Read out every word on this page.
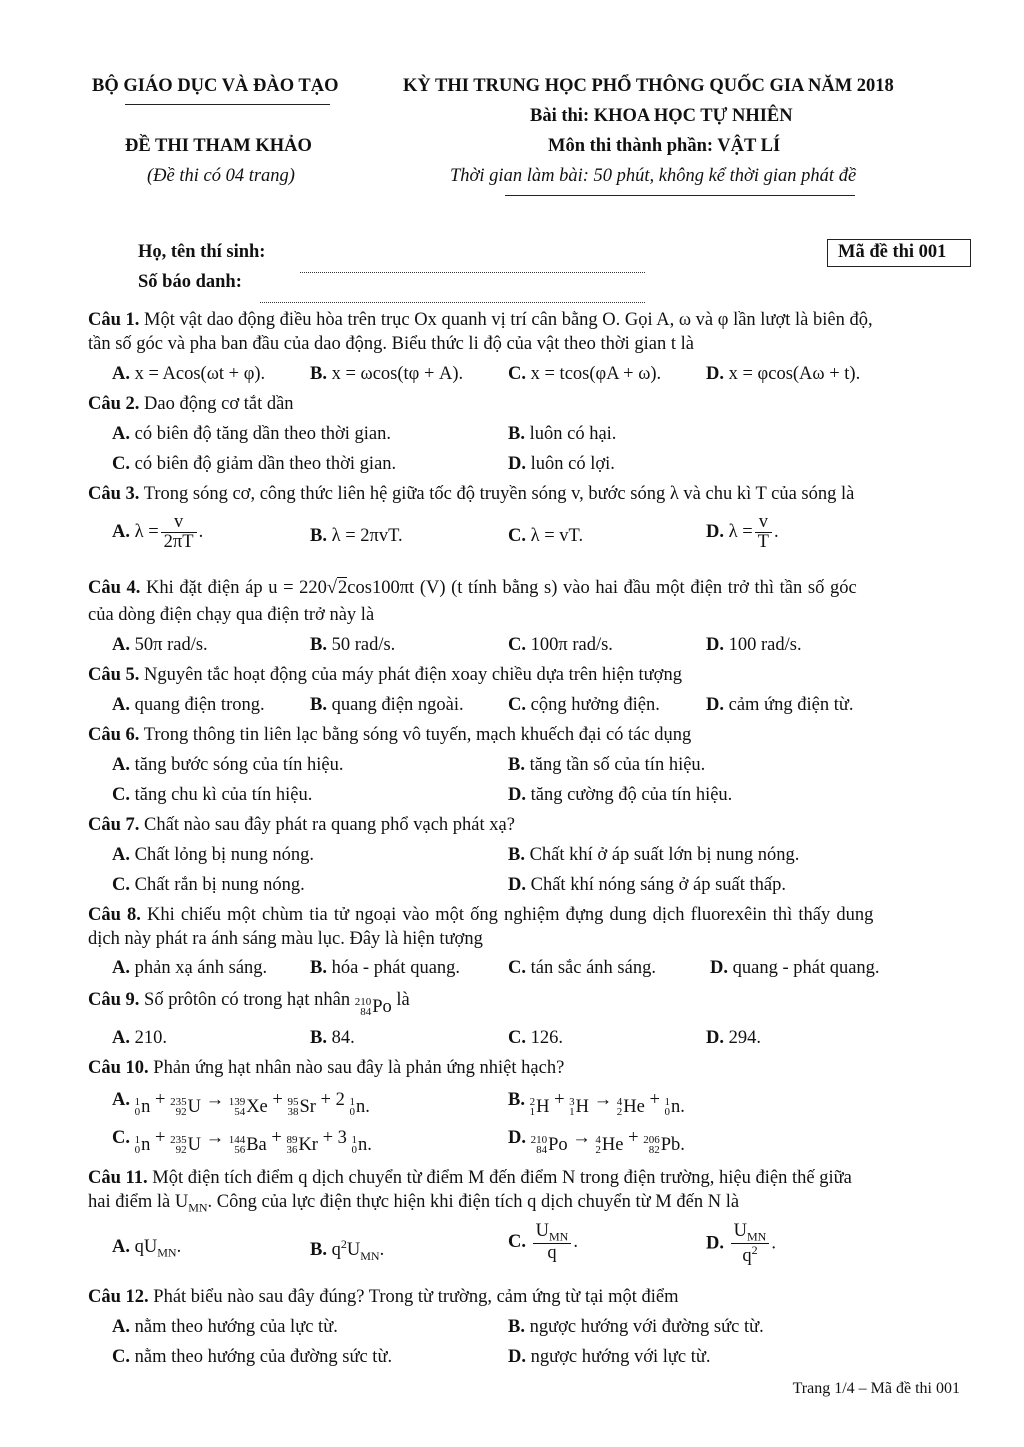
BỘ GIÁO DỤC VÀ ĐÀO TẠO	KỲ THI TRUNG HỌC PHỔ THÔNG QUỐC GIA NĂM 2018
Bài thi: KHOA HỌC TỰ NHIÊN
ĐỀ THI THAM KHẢO
(Đề thi có 04 trang)
Môn thi thành phần: VẬT LÍ
Thời gian làm bài: 50 phút, không kể thời gian phát đề
Họ, tên thí sinh:
Số báo danh:
Mã đề thi 001
Câu 1. Một vật dao động điều hòa trên trục Ox quanh vị trí cân bằng O. Gọi A, ω và φ lần lượt là biên độ,
tần số góc và pha ban đầu của dao động. Biểu thức li độ của vật theo thời gian t là
A. x = Acos(ωt + φ). B. x = ωcos(tφ + A). C. x = tcos(φA + ω). D. x = φcos(Aω + t).
Câu 2. Dao động cơ tắt dần
A. có biên độ tăng dần theo thời gian.	B. luôn có hại.
C. có biên độ giảm dần theo thời gian.	D. luôn có lợi.
Câu 3. Trong sóng cơ, công thức liên hệ giữa tốc độ truyền sóng v, bước sóng λ và chu kì T của sóng là
A. $\lambda = \frac{v}{2\pi T}$ .	B. λ = 2πvT.	C. λ = vT.	D. $\lambda = \frac{v}{T}$ .
Câu 4. Khi đặt điện áp u = 220√2cos100πt (V) (t tính bằng s) vào hai đầu một điện trở thì tần số góc
của dòng điện chạy qua điện trở này là
A. 50π rad/s.	B. 50 rad/s.	C. 100π rad/s.	D. 100 rad/s.
Câu 5. Nguyên tắc hoạt động của máy phát điện xoay chiều dựa trên hiện tượng
A. quang điện trong. B. quang điện ngoài. C. cộng hưởng điện. D. cảm ứng điện từ.
Câu 6. Trong thông tin liên lạc bằng sóng vô tuyến, mạch khuếch đại có tác dụng
A. tăng bước sóng của tín hiệu.	B. tăng tần số của tín hiệu.
C. tăng chu kì của tín hiệu.	D. tăng cường độ của tín hiệu.
Câu 7. Chất nào sau đây phát ra quang phổ vạch phát xạ?
A. Chất lỏng bị nung nóng.	B. Chất khí ở áp suất lớn bị nung nóng.
C. Chất rắn bị nung nóng.	D. Chất khí nóng sáng ở áp suất thấp.
Câu 8. Khi chiếu một chùm tia tử ngoại vào một ống nghiệm đựng dung dịch fluorexêin thì thấy dung
dịch này phát ra ánh sáng màu lục. Đây là hiện tượng
A. phản xạ ánh sáng. B. hóa - phát quang.	C. tán sắc ánh sáng.	D. quang - phát quang.
Câu 9. Số prôtôn có trong hạt nhân 210
84 Po là
A. 210.	B. 84.	C. 126.	D. 294.
Câu 10. Phản ứng hạt nhân nào sau đây là phản ứng nhiệt hạch?
A. 1
0 n + 235
92 U → 139
54 Xe + 95
38 Sr + 2 1
0 n.	B. 2
1 H + 3
1 H → 4
2 He + 1
0 n.
C. 1
0 n + 235
92 U → 144
56 Ba + 89
36 Kr + 3 1
0 n.	D. 210
84 Po → 4
2 He + 206
82 Pb.
Câu 11. Một điện tích điểm q dịch chuyển từ điểm M đến điểm N trong điện trường, hiệu điện thế giữa
hai điểm là $U_{MN}$. Công của lực điện thực hiện khi điện tích q dịch chuyển từ M đến N là
A. $qU_{MN}$.	B. $q^2U_{MN}$.	C. $\frac{U_{MN}}{q}$ .	D. $\frac{U_{MN}}{q^2}$ .
Câu 12. Phát biểu nào sau đây đúng? Trong từ trường, cảm ứng từ tại một điểm
A. nằm theo hướng của lực từ.	B. ngược hướng với đường sức từ.
C. nằm theo hướng của đường sức từ.	D. ngược hướng với lực từ.
Trang 1/4 – Mã đề thi 001
